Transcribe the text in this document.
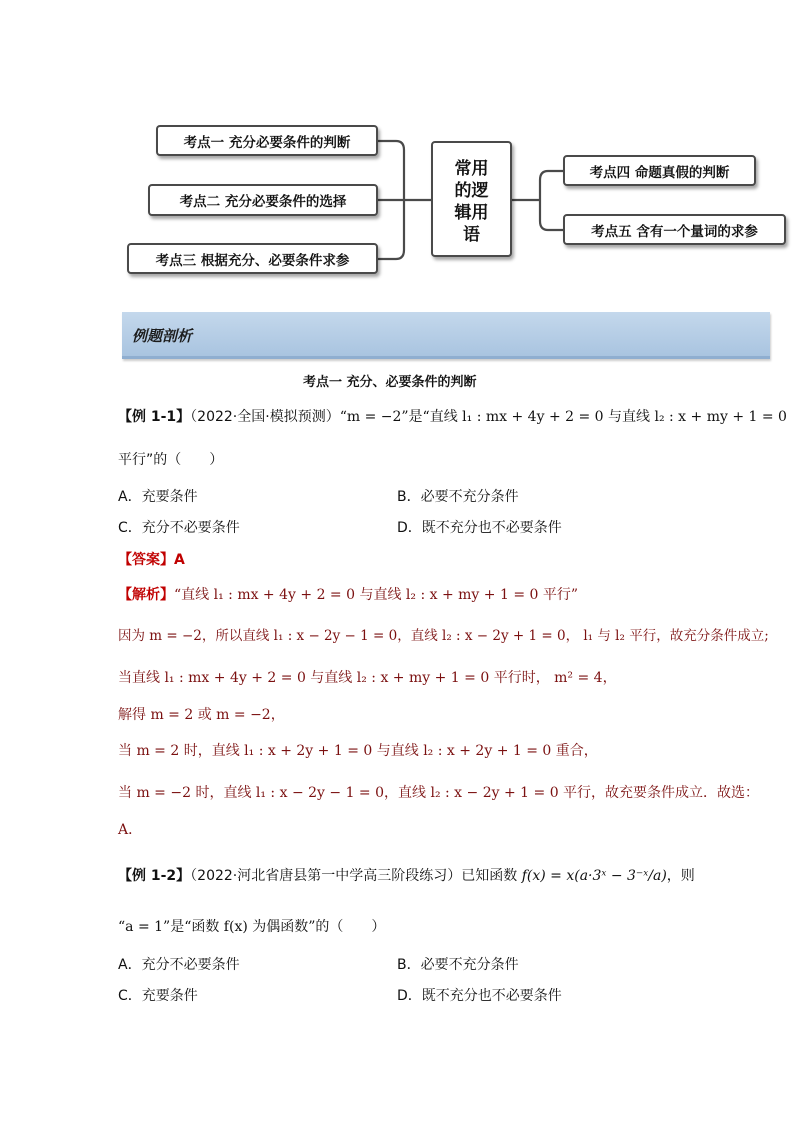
考点一 充分必要条件的判断
考点二 充分必要条件的选择
考点三 根据充分、必要条件求参
常用的逻辑用语
考点四 命题真假的判断
考点五 含有一个量词的求参
例题剖析
考点一 充分、必要条件的判断
【例 1-1】（2022·全国·模拟预测）“m = −2”是“直线 l₁ : mx + 4y + 2 = 0 与直线 l₂ : x + my + 1 = 0
平行”的（　　）
A．充要条件	B．必要不充分条件
C．充分不必要条件	D．既不充分也不必要条件
【答案】A
【解析】“直线 l₁ : mx + 4y + 2 = 0 与直线 l₂ : x + my + 1 = 0 平行”
因为 m = −2，所以直线 l₁ : x − 2y − 1 = 0，直线 l₂ : x − 2y + 1 = 0， l₁ 与 l₂ 平行，故充分条件成立;
当直线 l₁ : mx + 4y + 2 = 0 与直线 l₂ : x + my + 1 = 0 平行时， m² = 4，
解得 m = 2 或 m = −2，
当 m = 2 时，直线 l₁ : x + 2y + 1 = 0 与直线 l₂ : x + 2y + 1 = 0 重合，
当 m = −2 时，直线 l₁ : x − 2y − 1 = 0，直线 l₂ : x − 2y + 1 = 0 平行，故充要条件成立．故选：
A．
【例 1-2】（2022·河北省唐县第一中学高三阶段练习）已知函数 f(x) = x(a·3ˣ − 3⁻ˣ/a)，则
“a = 1”是“函数 f(x) 为偶函数”的（　　）
A．充分不必要条件	B．必要不充分条件
C．充要条件	D．既不充分也不必要条件
